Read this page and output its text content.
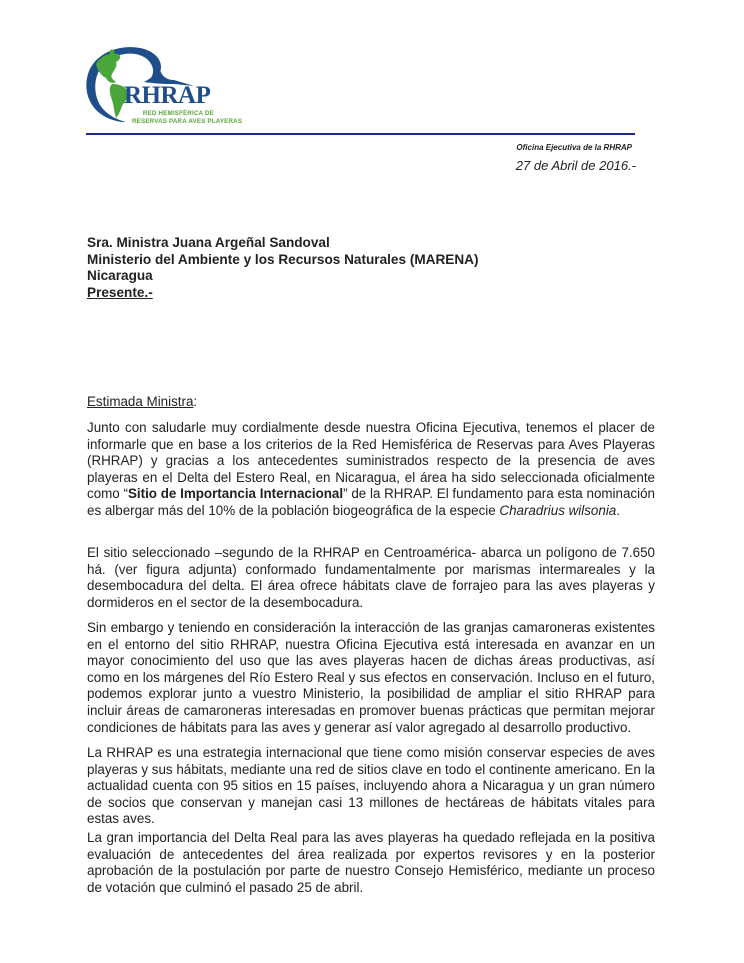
RHRAP
RED HEMISFÉRICA DE
RESERVAS PARA AVES PLAYERAS
Oficina Ejecutiva de la RHRAP
27 de Abril de 2016.-
Sra. Ministra Juana Argeñal Sandoval
Ministerio del Ambiente y los Recursos Naturales (MARENA)
Nicaragua
Presente.-
Estimada Ministra:
Junto con saludarle muy cordialmente desde nuestra Oficina Ejecutiva, tenemos el placer de informarle que en base a los criterios de la Red Hemisférica de Reservas para Aves Playeras (RHRAP) y gracias a los antecedentes suministrados respecto de la presencia de aves playeras en el Delta del Estero Real, en Nicaragua, el área ha sido seleccionada oficialmente como “Sitio de Importancia Internacional” de la RHRAP. El fundamento para esta nominación es albergar más del 10% de la población biogeográfica de la especie Charadrius wilsonia.
El sitio seleccionado –segundo de la RHRAP en Centroamérica- abarca un polígono de 7.650 há. (ver figura adjunta) conformado fundamentalmente por marismas intermareales y la desembocadura del delta. El área ofrece hábitats clave de forrajeo para las aves playeras y dormideros en el sector de la desembocadura.
Sin embargo y teniendo en consideración la interacción de las granjas camaroneras existentes en el entorno del sitio RHRAP, nuestra Oficina Ejecutiva está interesada en avanzar en un mayor conocimiento del uso que las aves playeras hacen de dichas áreas productivas, así como en los márgenes del Río Estero Real y sus efectos en conservación. Incluso en el futuro, podemos explorar junto a vuestro Ministerio, la posibilidad de ampliar el sitio RHRAP para incluir áreas de camaroneras interesadas en promover buenas prácticas que permitan mejorar condiciones de hábitats para las aves y generar así valor agregado al desarrollo productivo.
La RHRAP es una estrategia internacional que tiene como misión conservar especies de aves playeras y sus hábitats, mediante una red de sitios clave en todo el continente americano. En la actualidad cuenta con 95 sitios en 15 países, incluyendo ahora a Nicaragua y un gran número de socios que conservan y manejan casi 13 millones de hectáreas de hábitats vitales para estas aves.
La gran importancia del Delta Real para las aves playeras ha quedado reflejada en la positiva evaluación de antecedentes del área realizada por expertos revisores y en la posterior aprobación de la postulación por parte de nuestro Consejo Hemisférico, mediante un proceso de votación que culminó el pasado 25 de abril.
